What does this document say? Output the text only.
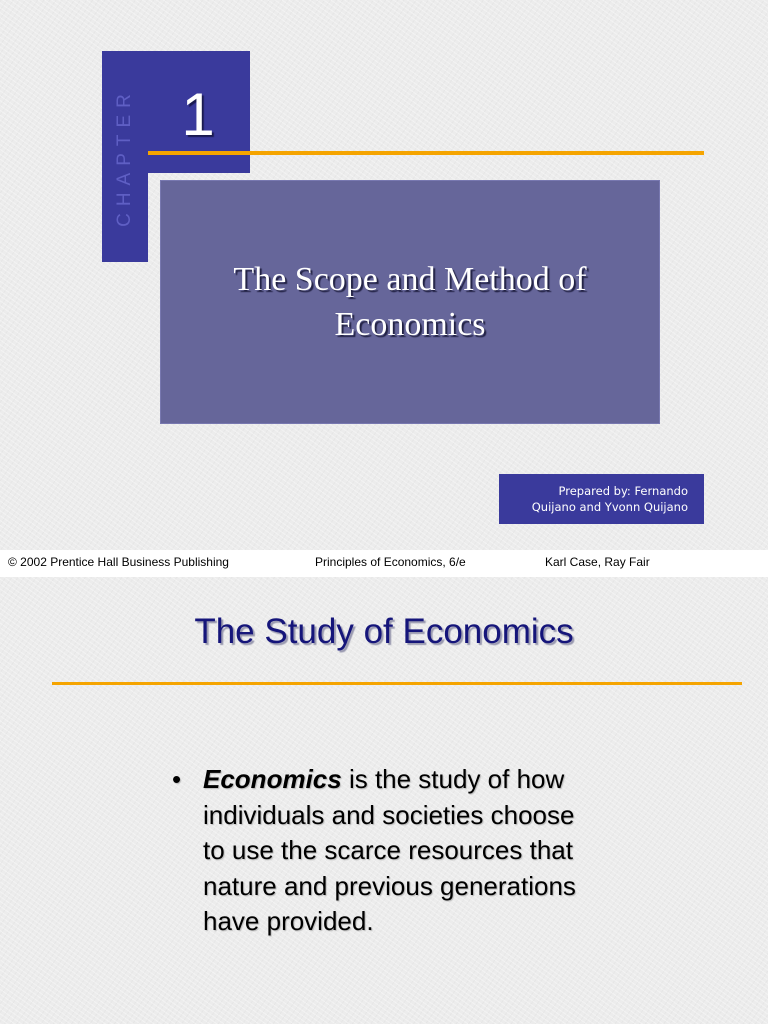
CHAPTER 1
The Scope and Method of
Economics
Prepared by: Fernando
Quijano and Yvonn Quijano
© 2002 Prentice Hall Business Publishing	Principles of Economics, 6/e	Karl Case, Ray Fair
The Study of Economics
• Economics is the study of how individuals and societies choose to use the scarce resources that nature and previous generations have provided.
